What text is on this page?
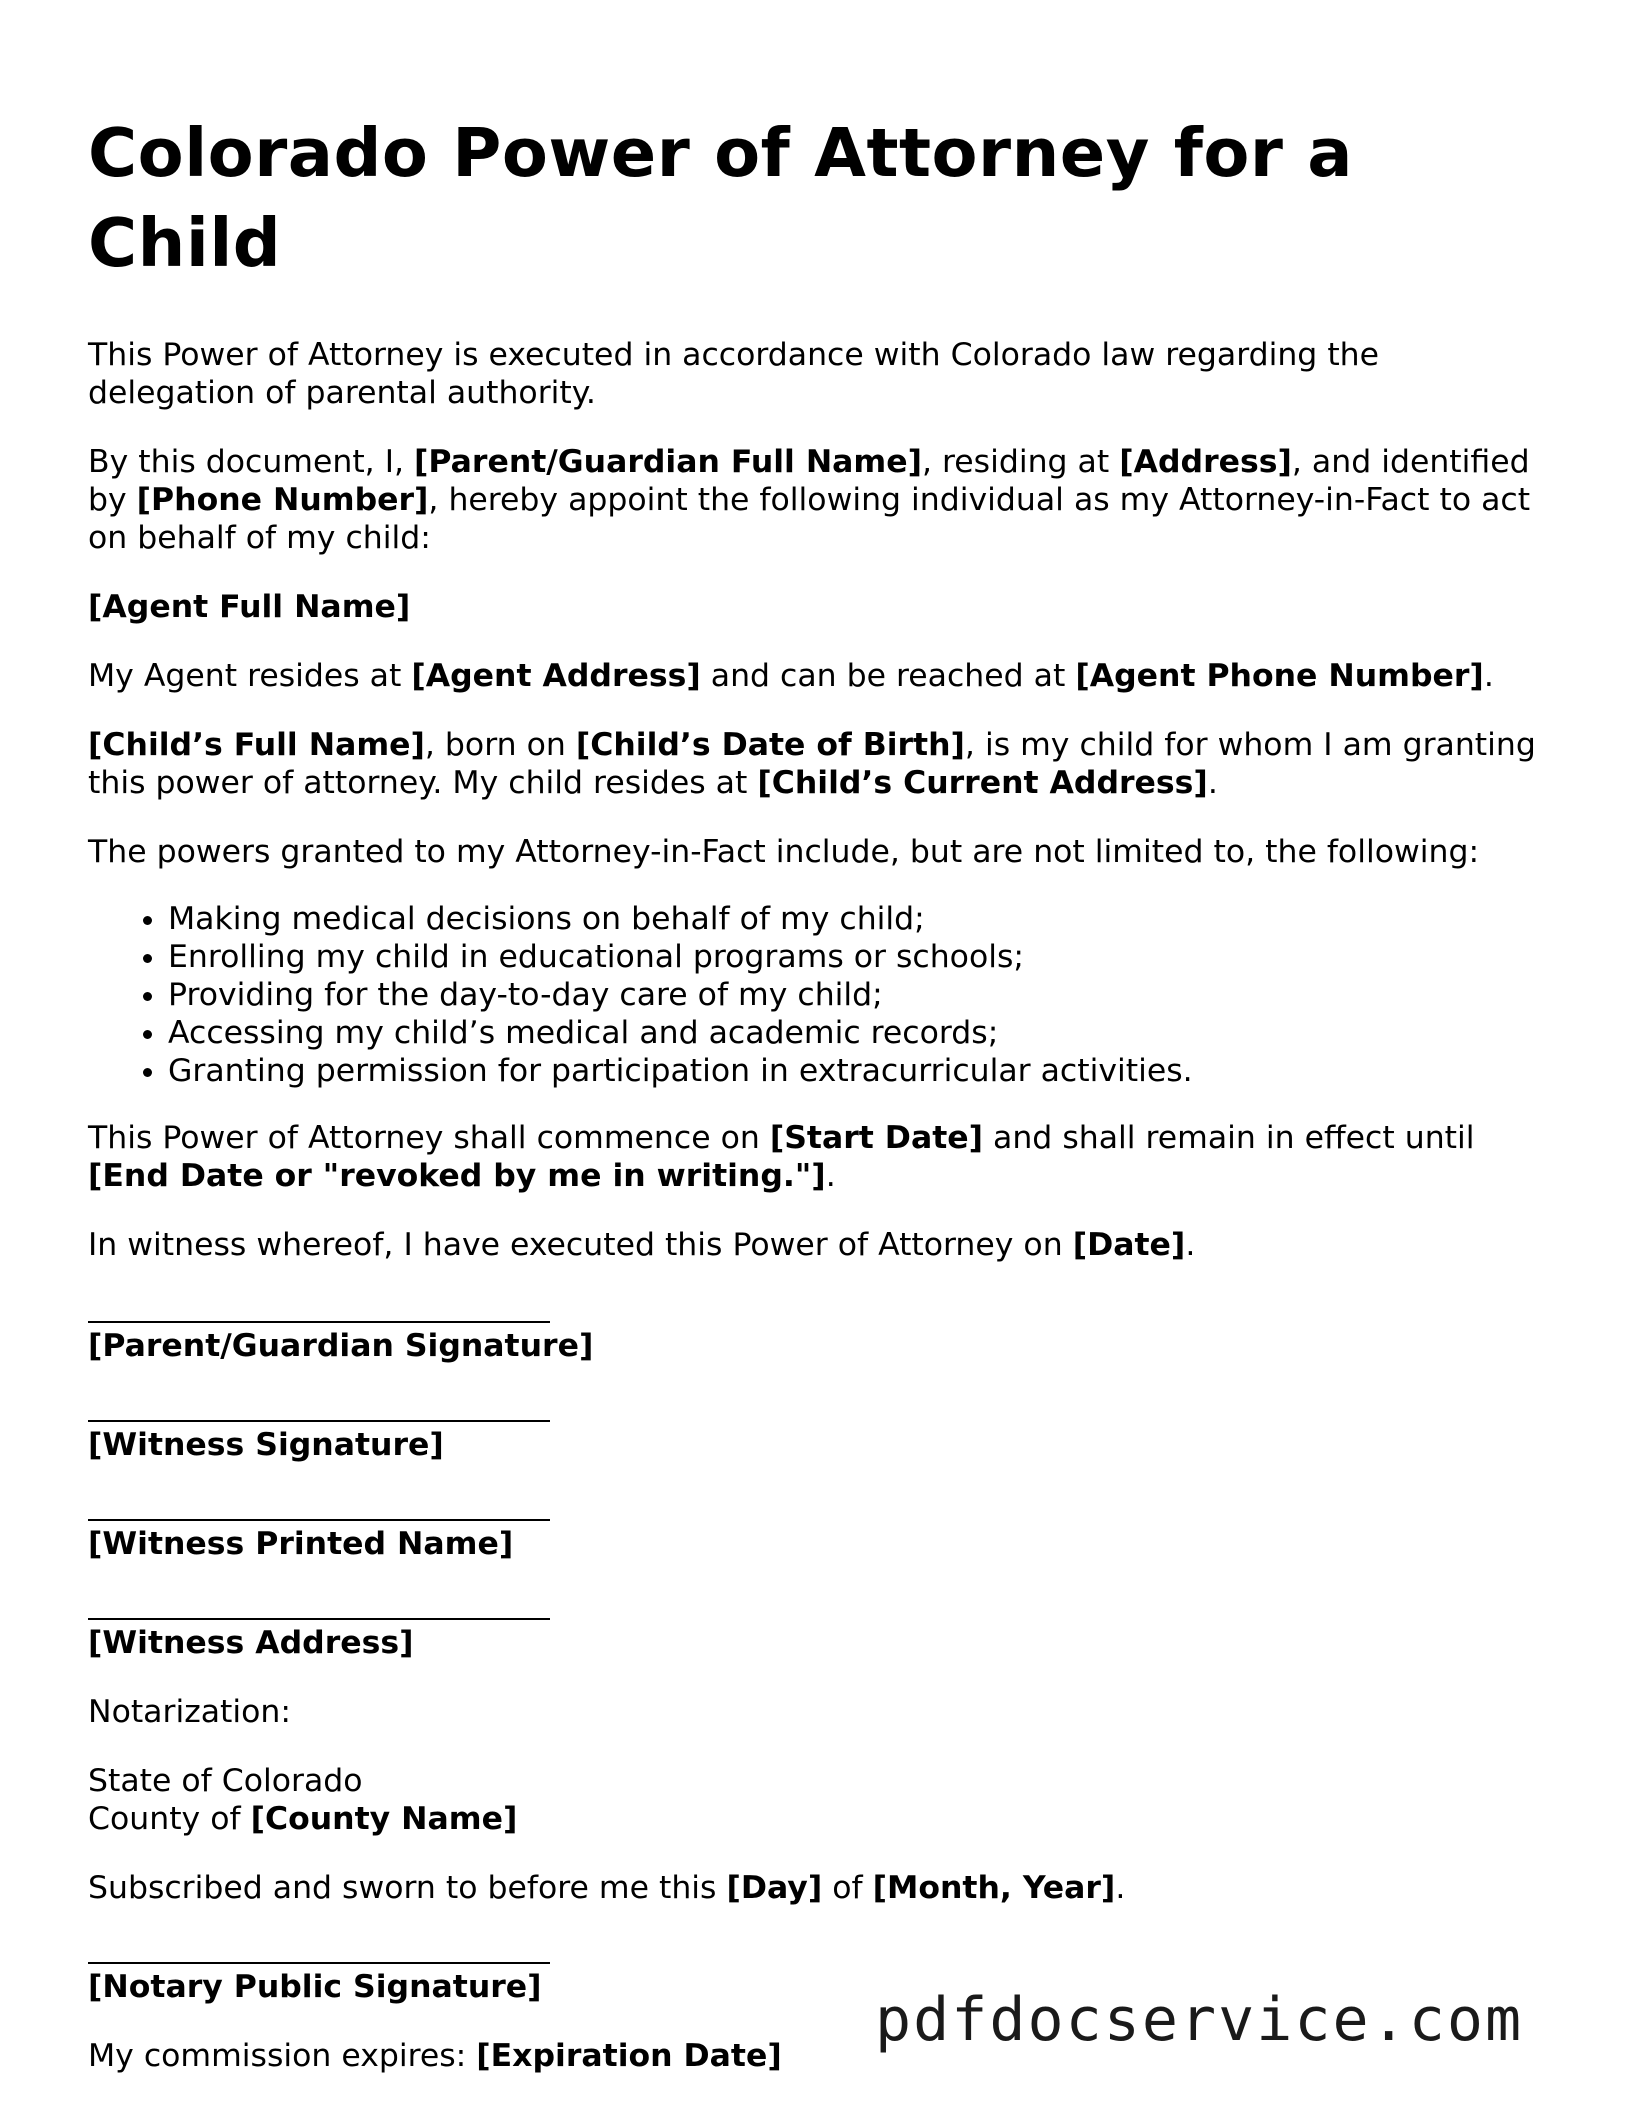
Colorado Power of Attorney for a Child

This Power of Attorney is executed in accordance with Colorado law regarding the delegation of parental authority.

By this document, I, [Parent/Guardian Full Name], residing at [Address], and identified by [Phone Number], hereby appoint the following individual as my Attorney-in-Fact to act on behalf of my child:

[Agent Full Name]

My Agent resides at [Agent Address] and can be reached at [Agent Phone Number].

[Child’s Full Name], born on [Child’s Date of Birth], is my child for whom I am granting this power of attorney. My child resides at [Child’s Current Address].

The powers granted to my Attorney-in-Fact include, but are not limited to, the following:

• Making medical decisions on behalf of my child;
• Enrolling my child in educational programs or schools;
• Providing for the day-to-day care of my child;
• Accessing my child’s medical and academic records;
• Granting permission for participation in extracurricular activities.

This Power of Attorney shall commence on [Start Date] and shall remain in effect until [End Date or "revoked by me in writing."].

In witness whereof, I have executed this Power of Attorney on [Date].

[Parent/Guardian Signature]

[Witness Signature]

[Witness Printed Name]

[Witness Address]

Notarization:

State of Colorado
County of [County Name]

Subscribed and sworn to before me this [Day] of [Month, Year].

[Notary Public Signature]

My commission expires: [Expiration Date]

pdfdocservice.com
